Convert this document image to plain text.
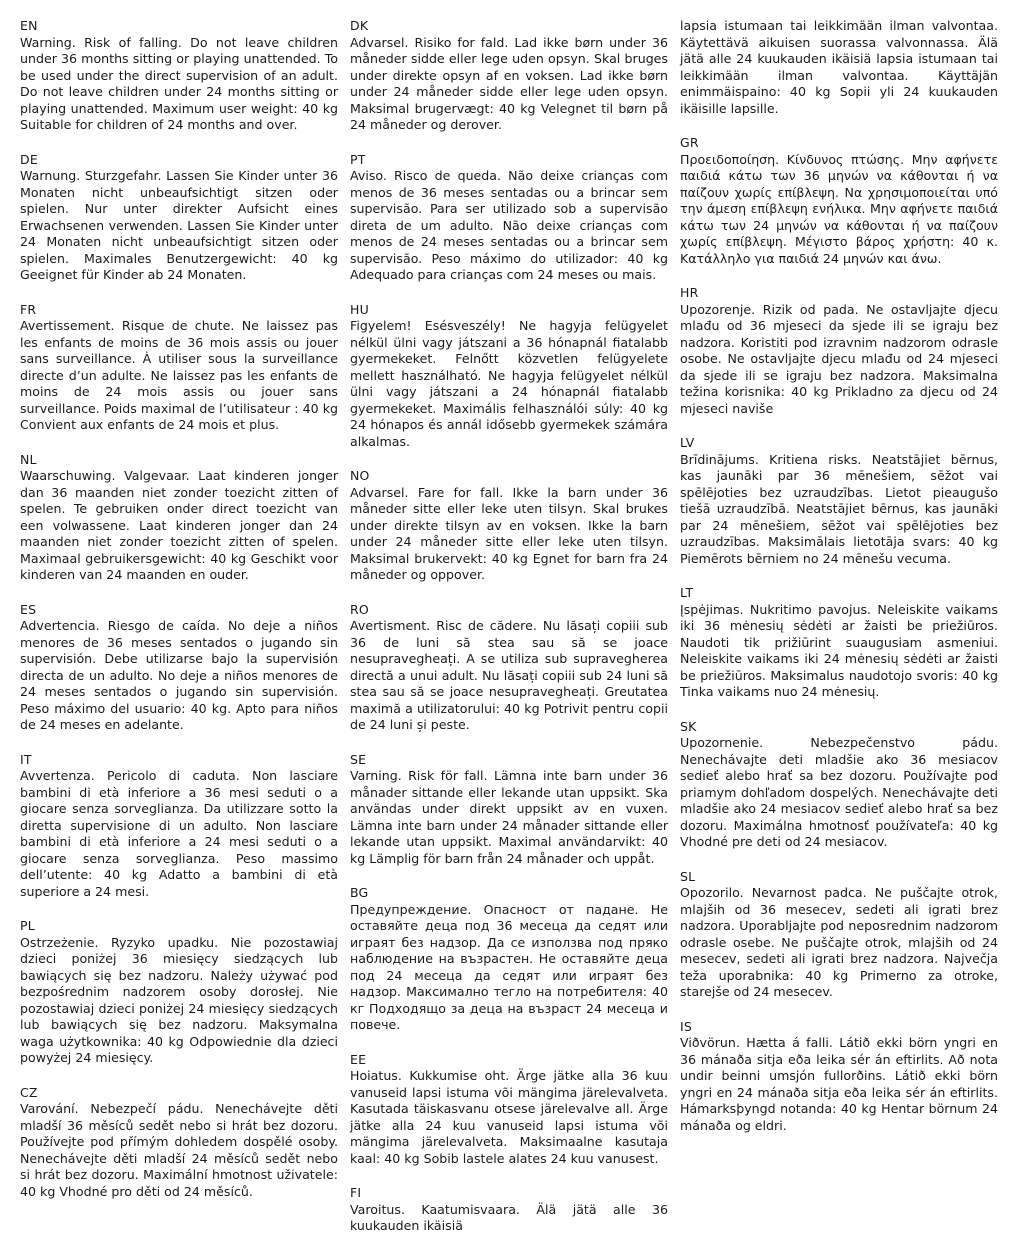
EN
Warning. Risk of falling. Do not leave children under 36 months sitting or playing unattended. To be used under the direct supervision of an adult. Do not leave children under 24 months sitting or playing unattended. Maximum user weight: 40 kg Suitable for children of 24 months and over.
DE
Warnung. Sturzgefahr. Lassen Sie Kinder unter 36 Monaten nicht unbeaufsichtigt sitzen oder spielen. Nur unter direkter Aufsicht eines Erwachsenen verwenden. Lassen Sie Kinder unter 24 Monaten nicht unbeaufsichtigt sitzen oder spielen. Maximales Benutzergewicht: 40 kg Geeignet für Kinder ab 24 Monaten.
FR
Avertissement. Risque de chute. Ne laissez pas les enfants de moins de 36 mois assis ou jouer sans surveillance. À utiliser sous la surveillance directe d’un adulte. Ne laissez pas les enfants de moins de 24 mois assis ou jouer sans surveillance. Poids maximal de l’utilisateur : 40 kg Convient aux enfants de 24 mois et plus.
NL
Waarschuwing. Valgevaar. Laat kinderen jonger dan 36 maanden niet zonder toezicht zitten of spelen. Te gebruiken onder direct toezicht van een volwassene. Laat kinderen jonger dan 24 maanden niet zonder toezicht zitten of spelen. Maximaal gebruikersgewicht: 40 kg Geschikt voor kinderen van 24 maanden en ouder.
ES
Advertencia. Riesgo de caída. No deje a niños menores de 36 meses sentados o jugando sin supervisión. Debe utilizarse bajo la supervisión directa de un adulto. No deje a niños menores de 24 meses sentados o jugando sin supervisión. Peso máximo del usuario: 40 kg. Apto para niños de 24 meses en adelante.
IT
Avvertenza. Pericolo di caduta. Non lasciare bambini di età inferiore a 36 mesi seduti o a giocare senza sorveglianza. Da utilizzare sotto la diretta supervisione di un adulto. Non lasciare bambini di età inferiore a 24 mesi seduti o a giocare senza sorveglianza. Peso massimo dell’utente: 40 kg Adatto a bambini di età superiore a 24 mesi.
PL
Ostrzeżenie. Ryzyko upadku. Nie pozostawiaj dzieci poniżej 36 miesięcy siedzących lub bawiących się bez nadzoru. Należy używać pod bezpośrednim nadzorem osoby dorosłej. Nie pozostawiaj dzieci poniżej 24 miesięcy siedzących lub bawiących się bez nadzoru. Maksymalna waga użytkownika: 40 kg Odpowiednie dla dzieci powyżej 24 miesięcy.
CZ
Varování. Nebezpečí pádu. Nenechávejte děti mladší 36 měsíců sedět nebo si hrát bez dozoru. Používejte pod přímým dohledem dospělé osoby. Nenechávejte děti mladší 24 měsíců sedět nebo si hrát bez dozoru. Maximální hmotnost uživatele: 40 kg Vhodné pro děti od 24 měsíců.
DK
Advarsel. Risiko for fald. Lad ikke børn under 36 måneder sidde eller lege uden opsyn. Skal bruges under direkte opsyn af en voksen. Lad ikke børn under 24 måneder sidde eller lege uden opsyn. Maksimal brugervægt: 40 kg Velegnet til børn på 24 måneder og derover.
PT
Aviso. Risco de queda. Não deixe crianças com menos de 36 meses sentadas ou a brincar sem supervisão. Para ser utilizado sob a supervisão direta de um adulto. Não deixe crianças com menos de 24 meses sentadas ou a brincar sem supervisão. Peso máximo do utilizador: 40 kg Adequado para crianças com 24 meses ou mais.
HU
Figyelem! Esésveszély! Ne hagyja felügyelet nélkül ülni vagy játszani a 36 hónapnál fiatalabb gyermekeket. Felnőtt közvetlen felügyelete mellett használható. Ne hagyja felügyelet nélkül ülni vagy játszani a 24 hónapnál fiatalabb gyermekeket. Maximális felhasználói súly: 40 kg 24 hónapos és annál idősebb gyermekek számára alkalmas.
NO
Advarsel. Fare for fall. Ikke la barn under 36 måneder sitte eller leke uten tilsyn. Skal brukes under direkte tilsyn av en voksen. Ikke la barn under 24 måneder sitte eller leke uten tilsyn. Maksimal brukervekt: 40 kg Egnet for barn fra 24 måneder og oppover.
RO
Avertisment. Risc de cădere. Nu lăsați copiii sub 36 de luni să stea sau să se joace nesupravegheați. A se utiliza sub supravegherea directă a unui adult. Nu lăsați copiii sub 24 luni să stea sau să se joace nesupravegheați. Greutatea maximă a utilizatorului: 40 kg Potrivit pentru copii de 24 luni și peste.
SE
Varning. Risk för fall. Lämna inte barn under 36 månader sittande eller lekande utan uppsikt. Ska användas under direkt uppsikt av en vuxen. Lämna inte barn under 24 månader sittande eller lekande utan uppsikt. Maximal användarvikt: 40 kg Lämplig för barn från 24 månader och uppåt.
BG
Предупреждение. Опасност от падане. Не оставяйте деца под 36 месеца да седят или играят без надзор. Да се използва под пряко наблюдение на възрастен. Не оставяйте деца под 24 месеца да седят или играят без надзор. Максимално тегло на потребителя: 40 кг Подходящо за деца на възраст 24 месеца и повече.
EE
Hoiatus. Kukkumise oht. Ärge jätke alla 36 kuu vanuseid lapsi istuma või mängima järelevalveta. Kasutada täiskasvanu otsese järelevalve all. Ärge jätke alla 24 kuu vanuseid lapsi istuma või mängima järelevalveta. Maksimaalne kasutaja kaal: 40 kg Sobib lastele alates 24 kuu vanusest.
FI
Varoitus. Kaatumisvaara. Älä jätä alle 36 kuukauden ikäisiä
lapsia istumaan tai leikkimään ilman valvontaa. Käytettävä aikuisen suorassa valvonnassa. Älä jätä alle 24 kuukauden ikäisiä lapsia istumaan tai leikkimään ilman valvontaa. Käyttäjän enimmäispaino: 40 kg Sopii yli 24 kuukauden ikäisille lapsille.
GR
Προειδοποίηση. Κίνδυνος πτώσης. Μην αφήνετε παιδιά κάτω των 36 μηνών να κάθονται ή να παίζουν χωρίς επίβλεψη. Να χρησιμοποιείται υπό την άμεση επίβλεψη ενήλικα. Μην αφήνετε παιδιά κάτω των 24 μηνών να κάθονται ή να παίζουν χωρίς επίβλεψη. Μέγιστο βάρος χρήστη: 40 κ. Κατάλληλο για παιδιά 24 μηνών και άνω.
HR
Upozorenje. Rizik od pada. Ne ostavljajte djecu mlađu od 36 mjeseci da sjede ili se igraju bez nadzora. Koristiti pod izravnim nadzorom odrasle osobe. Ne ostavljajte djecu mlađu od 24 mjeseci da sjede ili se igraju bez nadzora. Maksimalna težina korisnika: 40 kg Prikladno za djecu od 24 mjeseci naviše
LV
Brīdinājums. Kritiena risks. Neatstājiet bērnus, kas jaunāki par 36 mēnešiem, sēžot vai spēlējoties bez uzraudzības. Lietot pieaugušo tiešā uzraudzībā. Neatstājiet bērnus, kas jaunāki par 24 mēnešiem, sēžot vai spēlējoties bez uzraudzības. Maksimālais lietotāja svars: 40 kg Piemērots bērniem no 24 mēnešu vecuma.
LT
Įspėjimas. Nukritimo pavojus. Neleiskite vaikams iki 36 mėnesių sėdėti ar žaisti be priežiūros. Naudoti tik prižiūrint suaugusiam asmeniui. Neleiskite vaikams iki 24 mėnesių sėdėti ar žaisti be priežiūros. Maksimalus naudotojo svoris: 40 kg Tinka vaikams nuo 24 mėnesių.
SK
Upozornenie. Nebezpečenstvo pádu. Nenechávajte deti mladšie ako 36 mesiacov sedieť alebo hrať sa bez dozoru. Používajte pod priamym dohľadom dospelých. Nenechávajte deti mladšie ako 24 mesiacov sedieť alebo hrať sa bez dozoru. Maximálna hmotnosť používateľa: 40 kg Vhodné pre deti od 24 mesiacov.
SL
Opozorilo. Nevarnost padca. Ne puščajte otrok, mlajših od 36 mesecev, sedeti ali igrati brez nadzora. Uporabljajte pod neposrednim nadzorom odrasle osebe. Ne puščajte otrok, mlajših od 24 mesecev, sedeti ali igrati brez nadzora. Največja teža uporabnika: 40 kg Primerno za otroke, starejše od 24 mesecev.
IS
Viðvörun. Hætta á falli. Látið ekki börn yngri en 36 mánaða sitja eða leika sér án eftirlits. Að nota undir beinni umsjón fullorðins. Látið ekki börn yngri en 24 mánaða sitja eða leika sér án eftirlits. Hámarksþyngd notanda: 40 kg Hentar börnum 24 mánaða og eldri.
